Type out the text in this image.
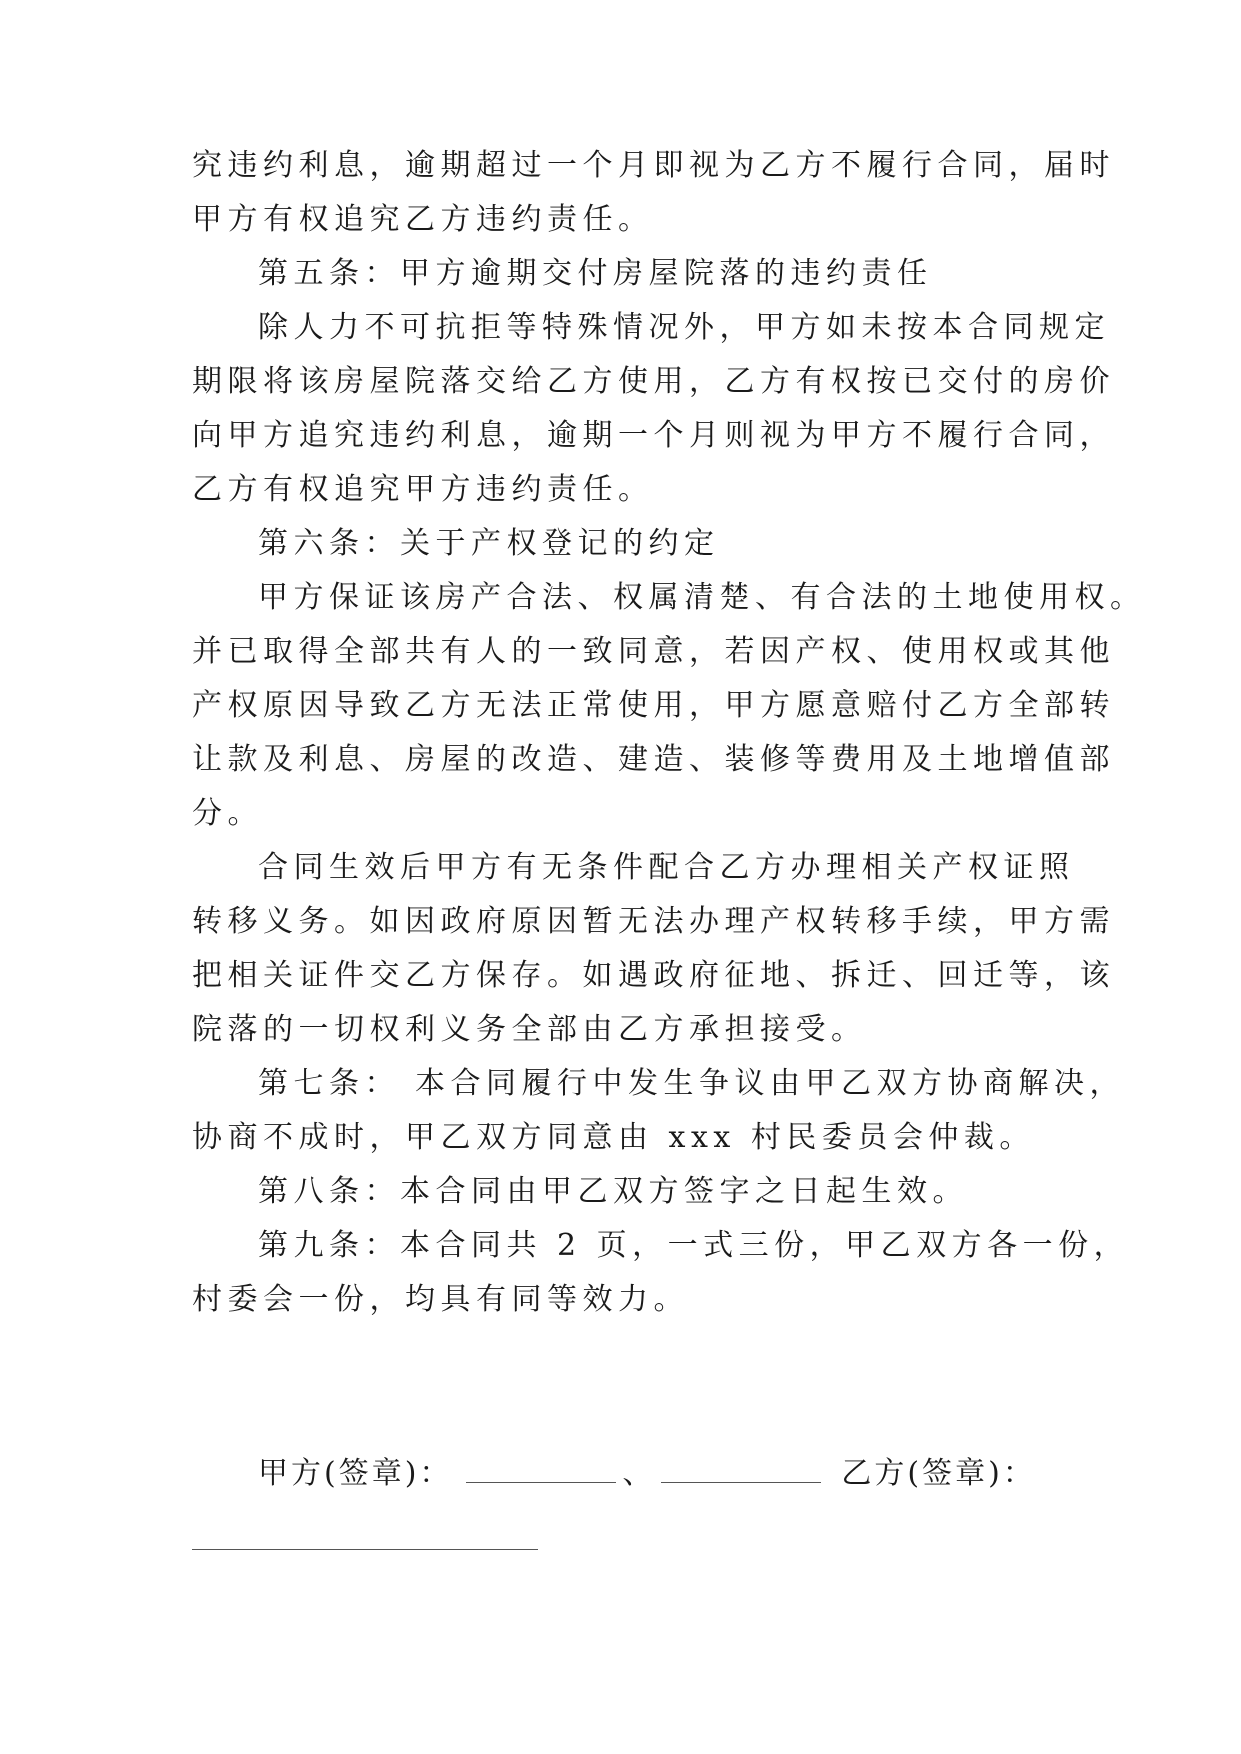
究违约利息，逾期超过一个月即视为乙方不履行合同，届时
甲方有权追究乙方违约责任。
第五条：甲方逾期交付房屋院落的违约责任
除人力不可抗拒等特殊情况外，甲方如未按本合同规定
期限将该房屋院落交给乙方使用，乙方有权按已交付的房价
向甲方追究违约利息，逾期一个月则视为甲方不履行合同，
乙方有权追究甲方违约责任。
第六条：关于产权登记的约定
甲方保证该房产合法、权属清楚、有合法的土地使用权。
并已取得全部共有人的一致同意，若因产权、使用权或其他
产权原因导致乙方无法正常使用，甲方愿意赔付乙方全部转
让款及利息、房屋的改造、建造、装修等费用及土地增值部
分。
合同生效后甲方有无条件配合乙方办理相关产权证照
转移义务。如因政府原因暂无法办理产权转移手续，甲方需
把相关证件交乙方保存。如遇政府征地、拆迁、回迁等，该
院落的一切权利义务全部由乙方承担接受。
第七条： 本合同履行中发生争议由甲乙双方协商解决，
协商不成时，甲乙双方同意由 xxx 村民委员会仲裁。
第八条：本合同由甲乙双方签字之日起生效。
第九条：本合同共 2 页，一式三份，甲乙双方各一份，
村委会一份，均具有同等效力。
甲方(签章)：	、	乙方(签章)：
